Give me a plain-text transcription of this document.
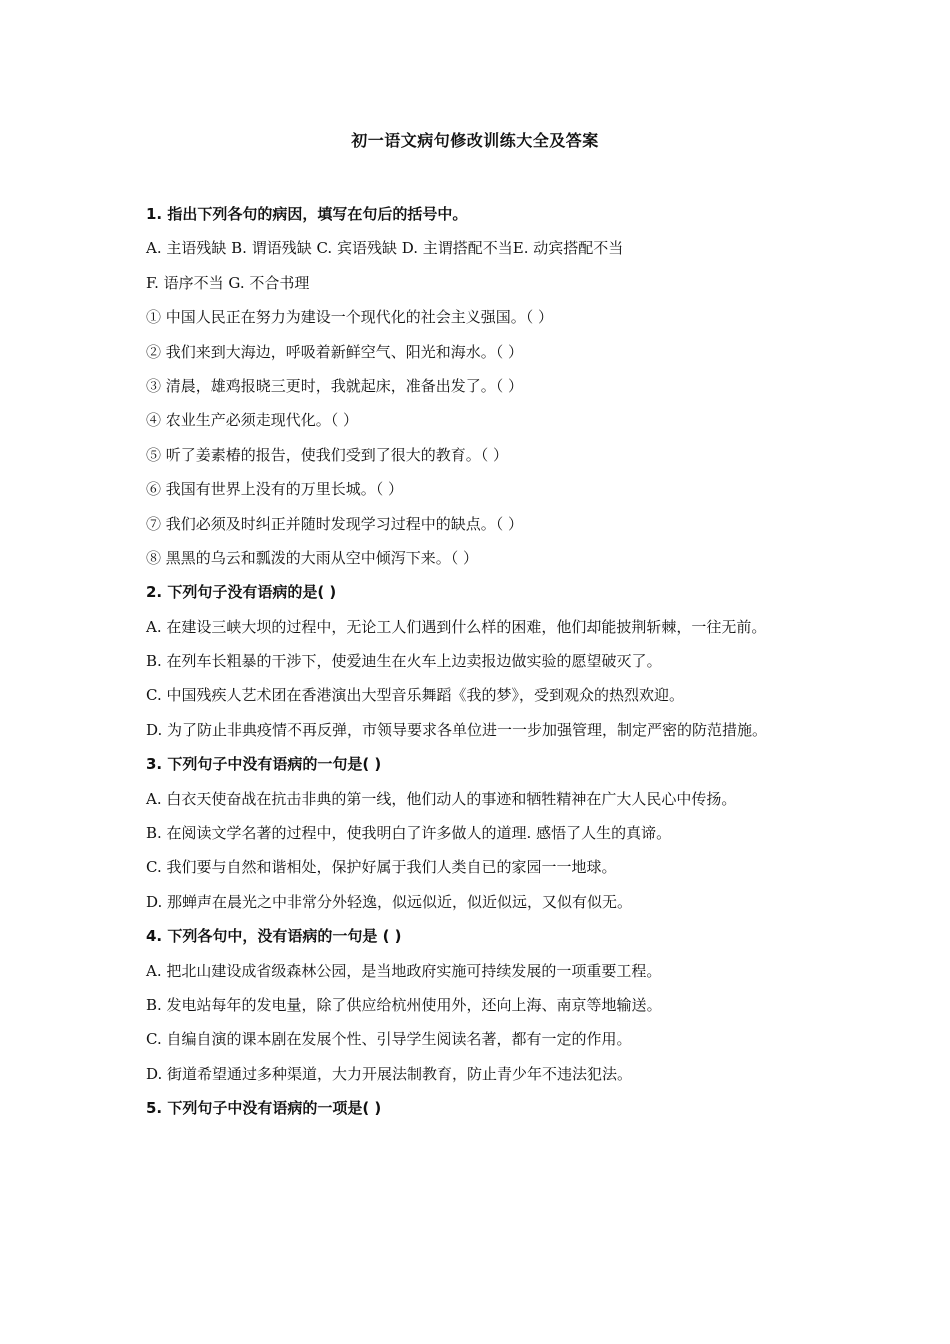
初一语文病句修改训练大全及答案
1. 指出下列各句的病因，填写在句后的括号中。
A. 主语残缺 B. 谓语残缺 C. 宾语残缺 D. 主谓搭配不当E. 动宾搭配不当
F. 语序不当 G. 不合书理
① 中国人民正在努力为建设一个现代化的社会主义强国。（ ）
② 我们来到大海边，呼吸着新鲜空气、阳光和海水。（ ）
③ 清晨，雄鸡报晓三更时，我就起床，准备出发了。（ ）
④ 农业生产必须走现代化。（ ）
⑤ 听了姜素椿的报告，使我们受到了很大的教育。（ ）
⑥ 我国有世界上没有的万里长城。（ ）
⑦ 我们必须及时纠正并随时发现学习过程中的缺点。（ ）
⑧ 黑黑的乌云和瓢泼的大雨从空中倾泻下来。（ ）
2. 下列句子没有语病的是( )
A. 在建设三峡大坝的过程中，无论工人们遇到什么样的困难，他们却能披荆斩棘，一往无前。
B. 在列车长粗暴的干涉下，使爱迪生在火车上边卖报边做实验的愿望破灭了。
C. 中国残疾人艺术团在香港演出大型音乐舞蹈《我的梦》，受到观众的热烈欢迎。
D. 为了防止非典疫情不再反弹，市领导要求各单位进一一步加强管理，制定严密的防范措施。
3. 下列句子中没有语病的一句是( )
A. 白衣天使奋战在抗击非典的第一线，他们动人的事迹和牺牲精神在广大人民心中传扬。
B. 在阅读文学名著的过程中，使我明白了许多做人的道理. 感悟了人生的真谛。
C. 我们要与自然和谐相处，保护好属于我们人类自已的家园一一地球。
D. 那蝉声在晨光之中非常分外轻逸，似远似近，似近似远，又似有似无。
4. 下列各句中，没有语病的一句是 ( )
A. 把北山建设成省级森林公园，是当地政府实施可持续发展的一项重要工程。
B. 发电站每年的发电量，除了供应给杭州使用外，还向上海、南京等地输送。
C. 自编自演的课本剧在发展个性、引导学生阅读名著，都有一定的作用。
D. 街道希望通过多种渠道，大力开展法制教育，防止青少年不违法犯法。
5. 下列句子中没有语病的一项是( )
